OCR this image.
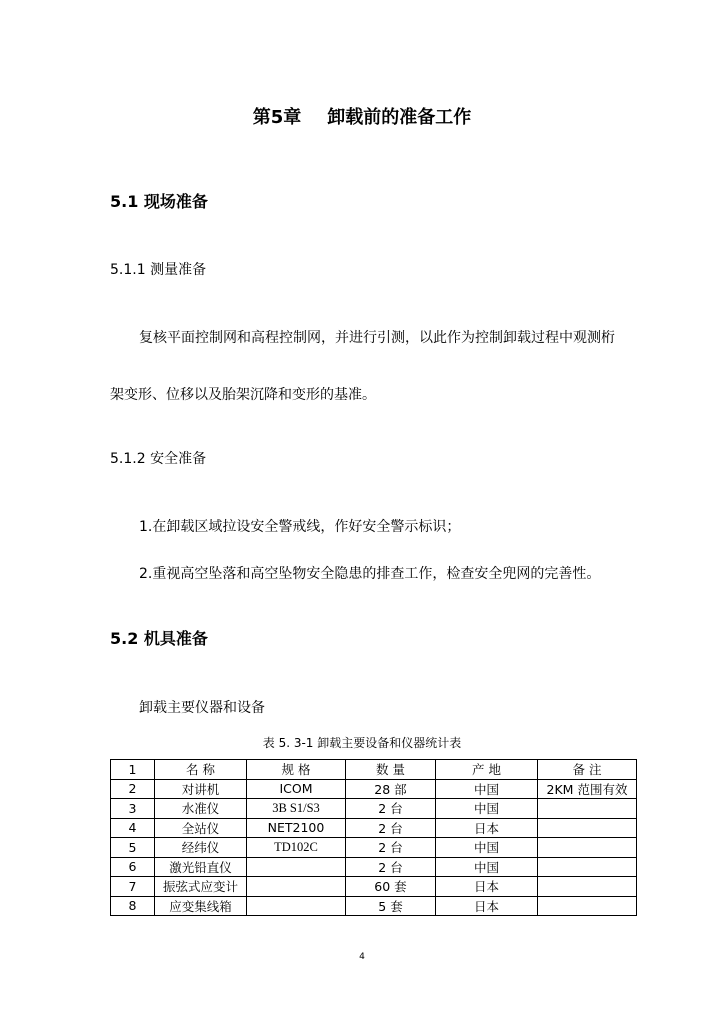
第5章 卸载前的准备工作
5.1 现场准备
5.1.1 测量准备
复核平面控制网和高程控制网，并进行引测，以此作为控制卸载过程中观测桁
架变形、位移以及胎架沉降和变形的基准。
5.1.2 安全准备
1.在卸载区域拉设安全警戒线，作好安全警示标识；
2.重视高空坠落和高空坠物安全隐患的排查工作，检查安全兜网的完善性。
5.2 机具准备
卸载主要仪器和设备
表 5. 3-1 卸载主要设备和仪器统计表
1	名 称	规 格	数 量	产 地	备 注
2	对讲机	ICOM	28 部	中国	2KM 范围有效
3	水准仪	3B S1/S3	2 台	中国	
4	全站仪	NET2100	2 台	日本	
5	经纬仪	TD102C	2 台	中国	
6	激光铅直仪		2 台	中国	
7	振弦式应变计		60 套	日本	
8	应变集线箱		5 套	日本	
4
